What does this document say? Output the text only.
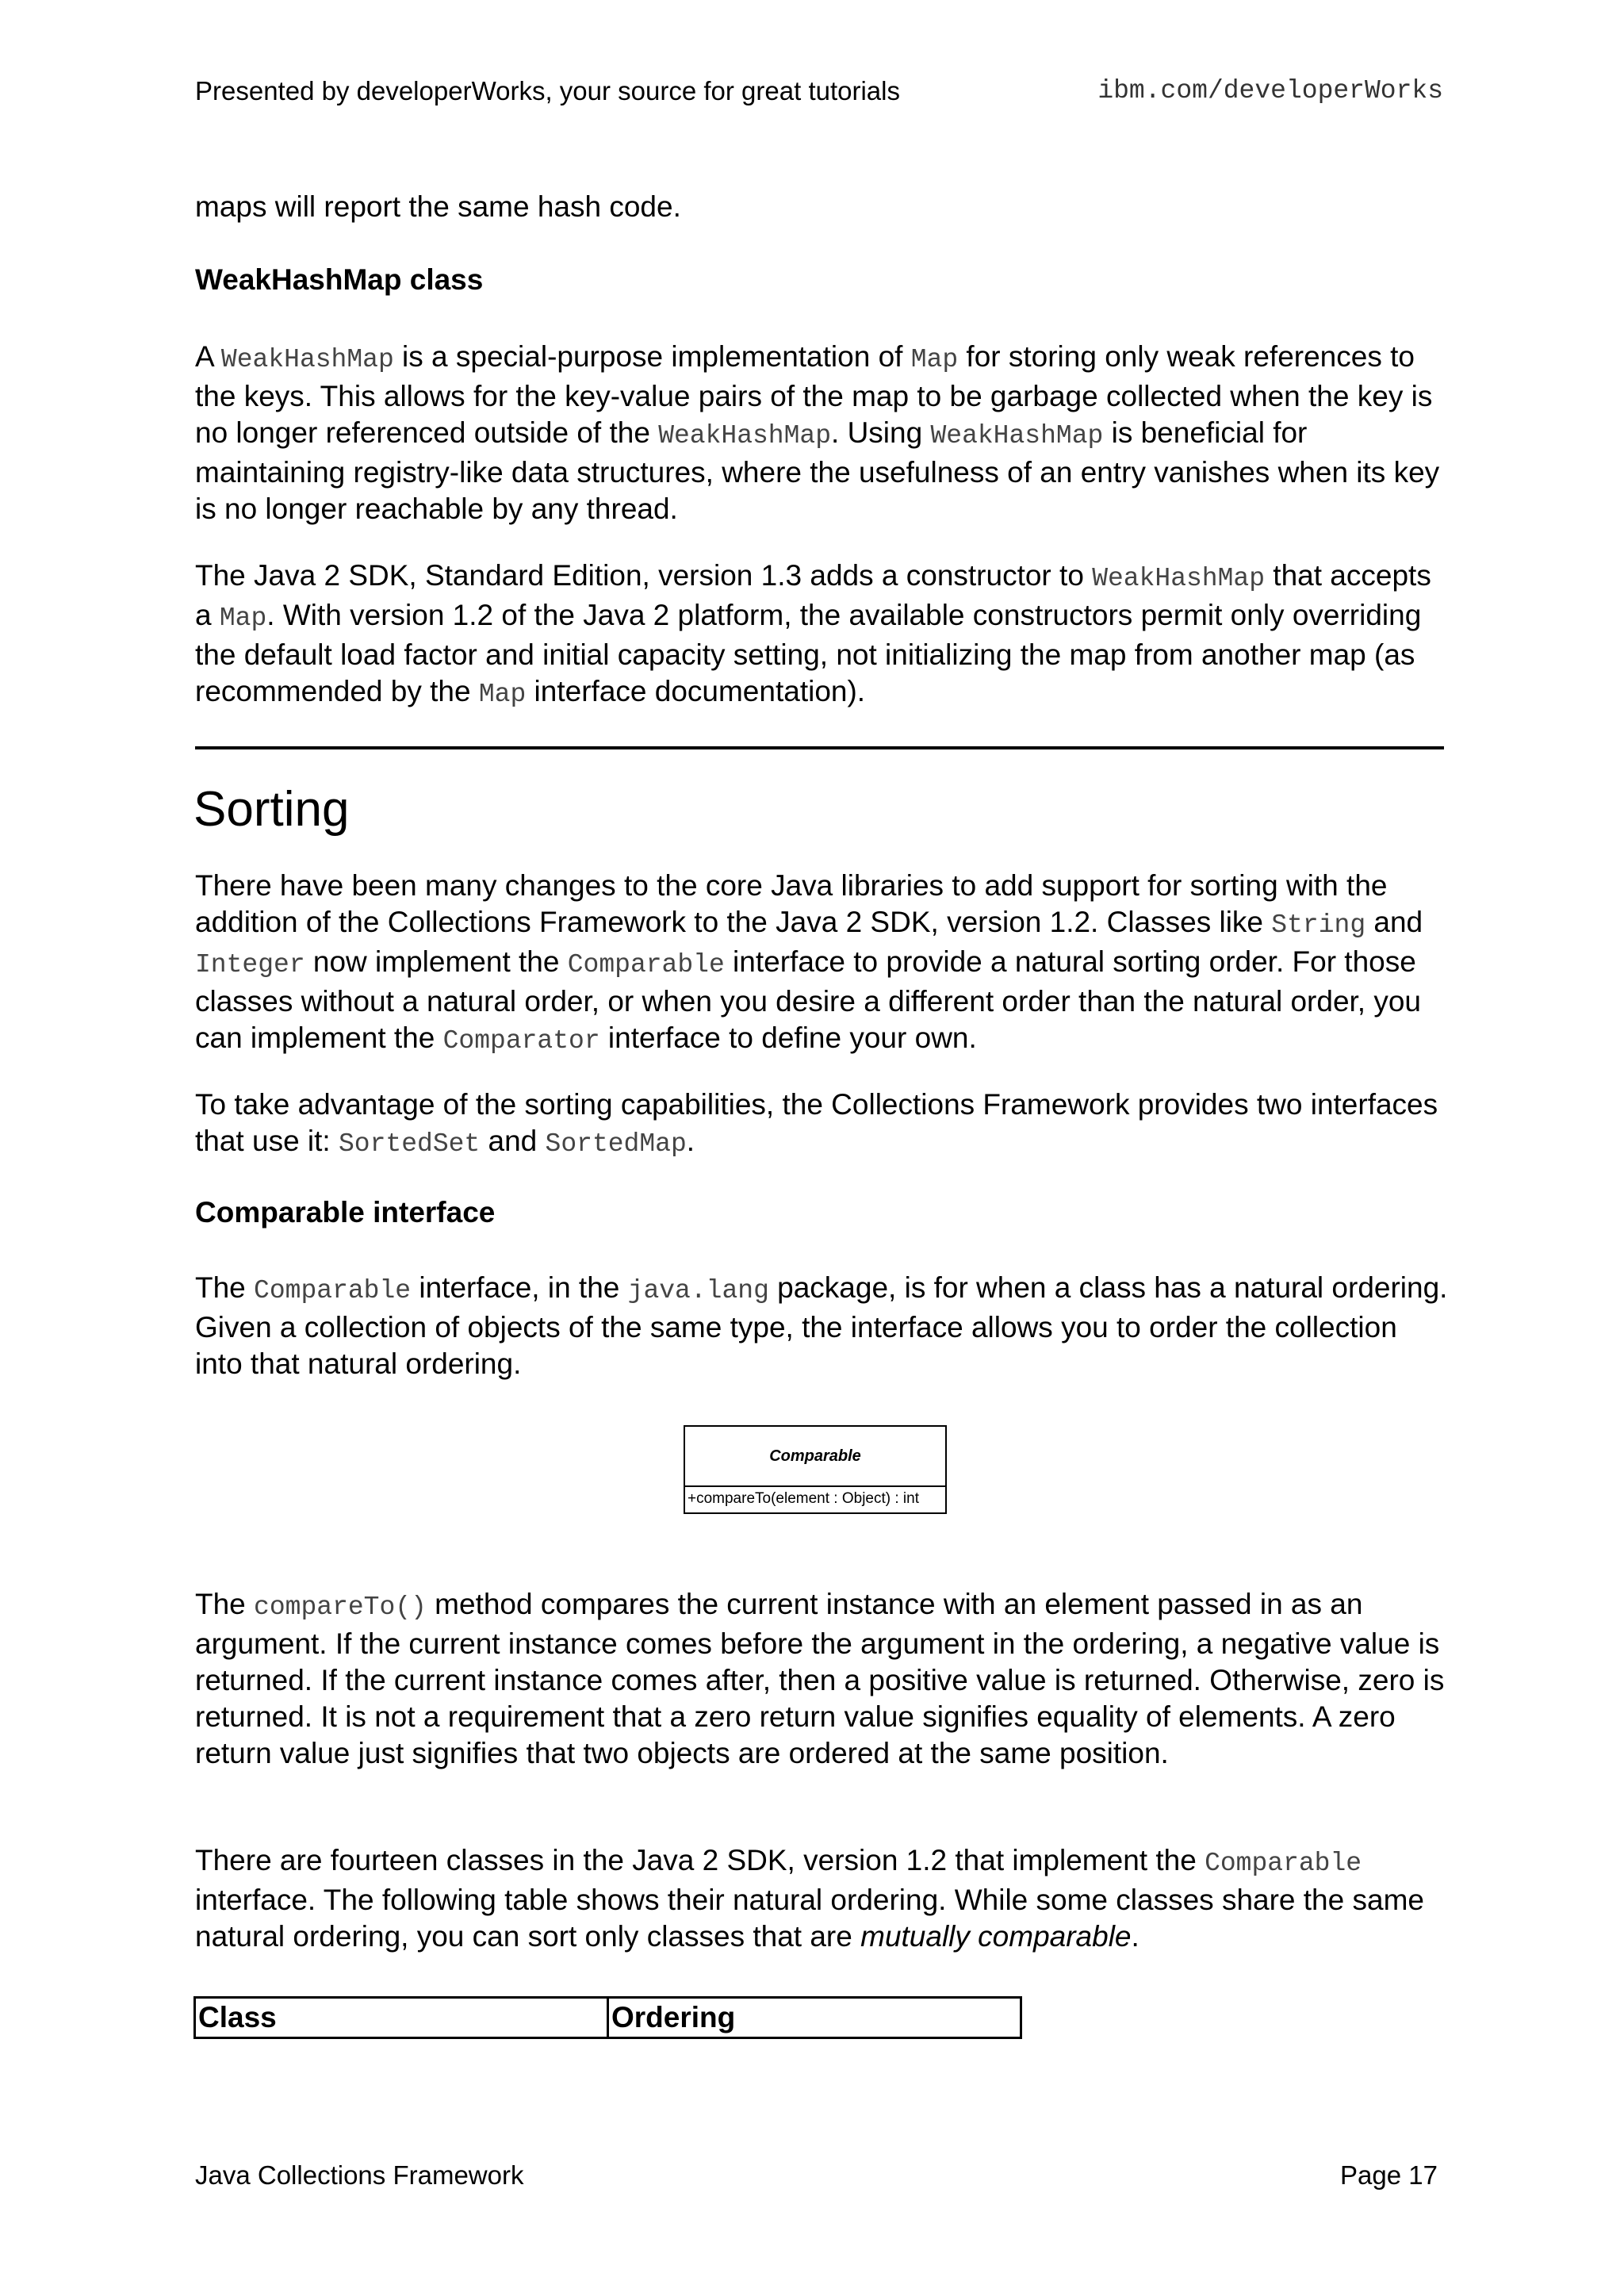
Presented by developerWorks, your source for great tutorials	ibm.com/developerWorks

maps will report the same hash code.

WeakHashMap class

A WeakHashMap is a special-purpose implementation of Map for storing only weak references to the keys. This allows for the key-value pairs of the map to be garbage collected when the key is no longer referenced outside of the WeakHashMap. Using WeakHashMap is beneficial for maintaining registry-like data structures, where the usefulness of an entry vanishes when its key is no longer reachable by any thread.

The Java 2 SDK, Standard Edition, version 1.3 adds a constructor to WeakHashMap that accepts a Map. With version 1.2 of the Java 2 platform, the available constructors permit only overriding the default load factor and initial capacity setting, not initializing the map from another map (as recommended by the Map interface documentation).

Sorting

There have been many changes to the core Java libraries to add support for sorting with the addition of the Collections Framework to the Java 2 SDK, version 1.2. Classes like String and Integer now implement the Comparable interface to provide a natural sorting order. For those classes without a natural order, or when you desire a different order than the natural order, you can implement the Comparator interface to define your own.

To take advantage of the sorting capabilities, the Collections Framework provides two interfaces that use it: SortedSet and SortedMap.

Comparable interface

The Comparable interface, in the java.lang package, is for when a class has a natural ordering. Given a collection of objects of the same type, the interface allows you to order the collection into that natural ordering.

Comparable
+compareTo(element : Object) : int

The compareTo() method compares the current instance with an element passed in as an argument. If the current instance comes before the argument in the ordering, a negative value is returned. If the current instance comes after, then a positive value is returned. Otherwise, zero is returned. It is not a requirement that a zero return value signifies equality of elements. A zero return value just signifies that two objects are ordered at the same position.

There are fourteen classes in the Java 2 SDK, version 1.2 that implement the Comparable interface. The following table shows their natural ordering. While some classes share the same natural ordering, you can sort only classes that are mutually comparable.

Class	Ordering
Java Collections Framework	Page 17
